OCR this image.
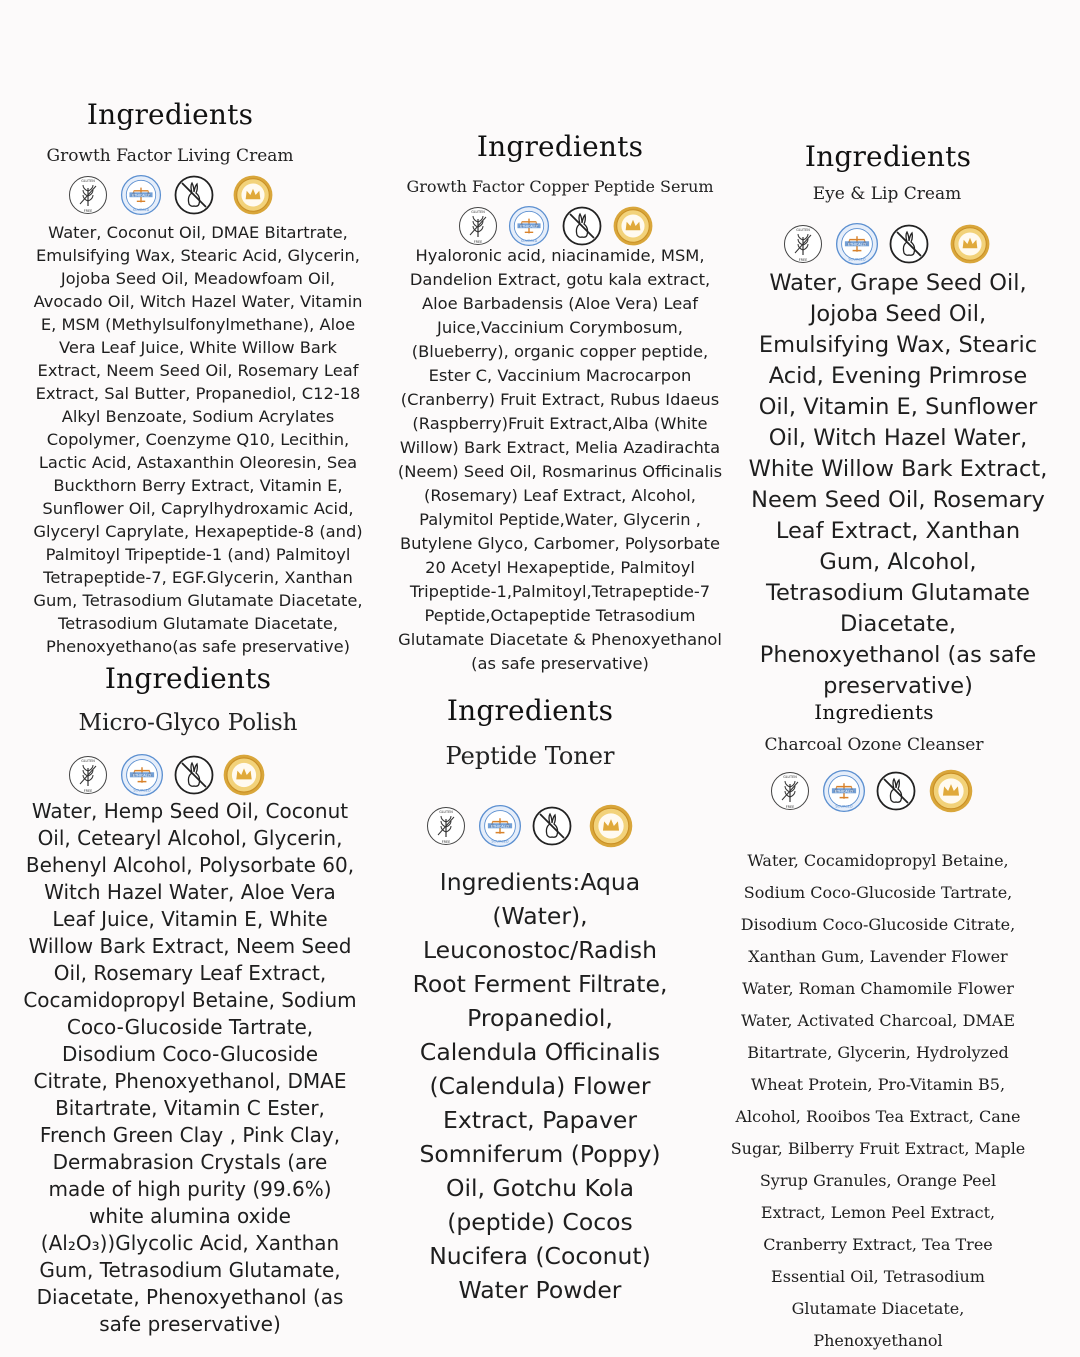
Ingredients
Growth Factor Living Cream
Water, Coconut Oil, DMAE Bitartrate, Emulsifying Wax, Stearic Acid, Glycerin, Jojoba Seed Oil, Meadowfoam Oil, Avocado Oil, Witch Hazel Water, Vitamin E, MSM (Methylsulfonylmethane), Aloe Vera Leaf Juice, White Willow Bark Extract, Neem Seed Oil, Rosemary Leaf Extract, Sal Butter, Propanediol, C12-18 Alkyl Benzoate, Sodium Acrylates Copolymer, Coenzyme Q10, Lecithin, Lactic Acid, Astaxanthin Oleoresin, Sea Buckthorn Berry Extract, Vitamin E, Sunflower Oil, Caprylhydroxamic Acid, Glyceryl Caprylate, Hexapeptide-8 (and) Palmitoyl Tripeptide-1 (and) Palmitoyl Tetrapeptide-7, EGF.Glycerin, Xanthan Gum, Tetrasodium Glutamate Diacetate, Tetrasodium Glutamate Diacetate, Phenoxyethano(as safe preservative)
Ingredients
Growth Factor Copper Peptide Serum
Hyaloronic acid, niacinamide, MSM, Dandelion Extract, gotu kala extract, Aloe Barbadensis (Aloe Vera) Leaf Juice,Vaccinium Corymbosum, (Blueberry), organic copper peptide, Ester C, Vaccinium Macrocarpon (Cranberry) Fruit Extract, Rubus Idaeus (Raspberry)Fruit Extract,Alba (White Willow) Bark Extract, Melia Azadirachta (Neem) Seed Oil, Rosmarinus Officinalis (Rosemary) Leaf Extract, Alcohol, Palymitol Peptide,Water, Glycerin , Butylene Glyco, Carbomer, Polysorbate 20 Acetyl Hexapeptide, Palmitoyl Tripeptide-1,Palmitoyl,Tetrapeptide-7 Peptide,Octapeptide Tetrasodium Glutamate Diacetate & Phenoxyethanol (as safe preservative)
Ingredients
Eye & Lip Cream
Water, Grape Seed Oil, Jojoba Seed Oil, Emulsifying Wax, Stearic Acid, Evening Primrose Oil, Vitamin E, Sunflower Oil, Witch Hazel Water, White Willow Bark Extract, Neem Seed Oil, Rosemary Leaf Extract, Xanthan Gum, Alcohol, Tetrasodium Glutamate Diacetate, Phenoxyethanol (as safe preservative)
Ingredients
Micro-Glyco Polish
Water, Hemp Seed Oil, Coconut Oil, Cetearyl Alcohol, Glycerin, Behenyl Alcohol, Polysorbate 60, Witch Hazel Water, Aloe Vera Leaf Juice, Vitamin E, White Willow Bark Extract, Neem Seed Oil, Rosemary Leaf Extract, Cocamidopropyl Betaine, Sodium Coco-Glucoside Tartrate, Disodium Coco-Glucoside Citrate, Phenoxyethanol, DMAE Bitartrate, Vitamin C Ester, French Green Clay , Pink Clay, Dermabrasion Crystals (are made of high purity (99.6%) white alumina oxide (Al₂O₃))Glycolic Acid, Xanthan Gum, Tetrasodium Glutamate, Diacetate, Phenoxyethanol (as safe preservative)
Ingredients
Peptide Toner
Ingredients:Aqua (Water), Leuconostoc/Radish Root Ferment Filtrate, Propanediol, Calendula Officinalis (Calendula) Flower Extract, Papaver Somniferum (Poppy) Oil, Gotchu Kola (peptide) Cocos Nucifera (Coconut) Water Powder
Ingredients
Charcoal Ozone Cleanser
Water, Cocamidopropyl Betaine, Sodium Coco-Glucoside Tartrate, Disodium Coco-Glucoside Citrate, Xanthan Gum, Lavender Flower Water, Roman Chamomile Flower Water, Activated Charcoal, DMAE Bitartrate, Glycerin, Hydrolyzed Wheat Protein, Pro-Vitamin B5, Alcohol, Rooibos Tea Extract, Cane Sugar, Bilberry Fruit Extract, Maple Syrup Granules, Orange Peel Extract, Lemon Peel Extract, Cranberry Extract, Tea Tree Essential Oil, Tetrasodium Glutamate Diacetate, Phenoxyethanol
